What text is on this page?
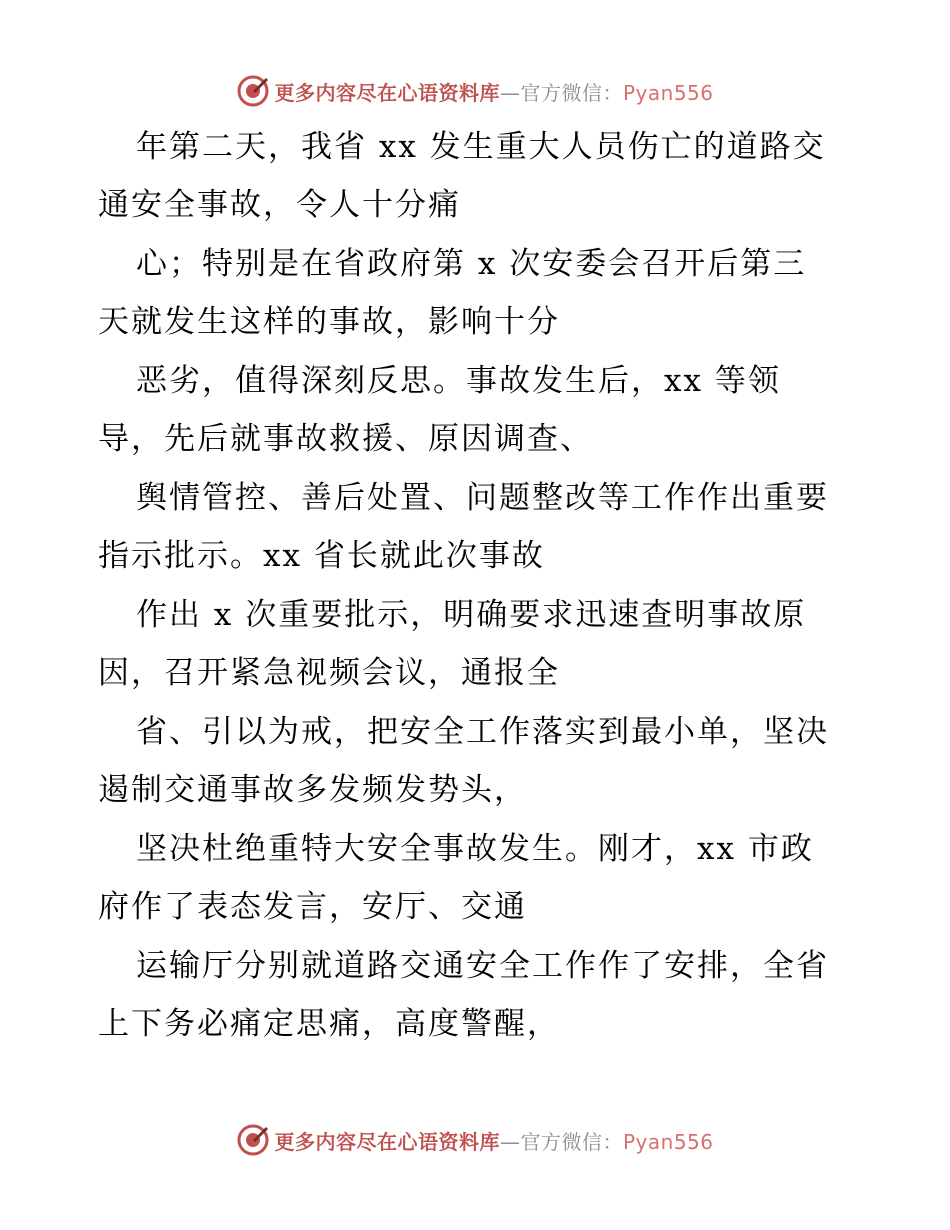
更多内容尽在心语资料库—官方微信：Pyan556
年第二天，我省 xx 发生重大人员伤亡的道路交
通安全事故，令人十分痛
心；特别是在省政府第 x 次安委会召开后第三
天就发生这样的事故，影响十分
恶劣，值得深刻反思。事故发生后，xx 等领
导，先后就事故救援、原因调查、
舆情管控、善后处置、问题整改等工作作出重要
指示批示。xx 省长就此次事故
作出 x 次重要批示，明确要求迅速查明事故原
因，召开紧急视频会议，通报全
省、引以为戒，把安全工作落实到最小单，坚决
遏制交通事故多发频发势头，
坚决杜绝重特大安全事故发生。刚才，xx 市政
府作了表态发言，安厅、交通
运输厅分别就道路交通安全工作作了安排，全省
上下务必痛定思痛，高度警醒，
更多内容尽在心语资料库—官方微信：Pyan556
